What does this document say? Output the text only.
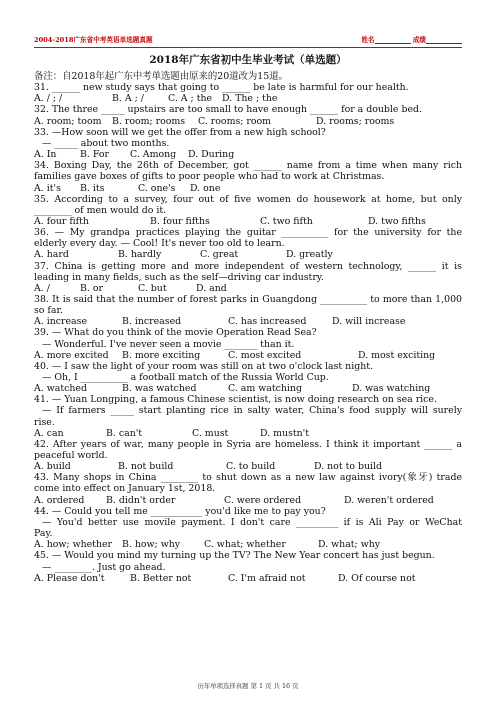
2004-2018广东省中考英语单选题真题	姓名	成绩
2018年广东省初中生毕业考试（单选题）
备注：自2018年起广东中考单选题由原来的20道改为15道。
31. ______ new study says that going to ______ be late is harmful for our health.
A. / ; /	B. A ; /	C. A ; the D. The ; the
32. The three _____ upstairs are too small to have enough ______ for a double bed.
A. room; toom B. room; rooms C. rooms; room	D. rooms; rooms
33. —How soon will we get the offer from a new high school?
— _____ about two months.
A. In	B. For C. Among D. During
34. Boxing Day, the 26th of December, got ______ name from a time when many rich
families gave boxes of gifts to poor people who had to work at Christmas.
A. it's B. its	C. one's D. one
35. According to a survey, four out of five women do housework at home, but only
________ of men would do it.
A. four fifth	B. four fifths	C. two fifth	D. two fifths
36. — My grandpa practices playing the guitar __________ for the university for the
elderly every day. — Cool! It's never too old to learn.
A. hard	B. hardly	C. great	D. greatly
37. China is getting more and more independent of western technology, ______ it is
leading in many fields, such as the self—driving car industry.
A. /	B. or	C. but	D. and
38. It is said that the number of forest parks in Guangdong __________ to more than 1,000
so far.
A. increase	B. increased	C. has increased	D. will increase
39. — What do you think of the movie Operation Read Sea?
— Wonderful. I've never seen a movie _______ than it.
A. more excited B. more exciting	C. most excited	D. most exciting
40. — I saw the light of your room was still on at two o'clock last night.
— Oh, I __________ a football match of the Russia World Cup.
A. watched	B. was watched	C. am watching	D. was watching
41. — Yuan Longping, a famous Chinese scientist, is now doing research on sea rice.
— If farmers _____ start planting rice in salty water, China's food supply will surely
rise.
A. can	B. can't	C. must	D. mustn't
42. After years of war, many people in Syria are homeless. I think it important ______ a
peaceful world.
A. build	B. not build	C. to build	D. not to build
43. Many shops in China ________ to shut down as a new law against ivory(象牙) trade
come into effect on January 1st, 2018.
A. ordered B. didn't order	C. were ordered	D. weren't ordered
44. — Could you tell me ___________ you'd like me to pay you?
— You'd better use movile payment. I don't care _________ if is Ali Pay or WeChat
Pay.
A. how; whether B. how; why	C. what; whether	D. what; why
45. — Would you mind my turning up the TV? The New Year concert has just begun.
— ________. Just go ahead.
A. Please don't	B. Better not	C. I'm afraid not	D. Of course not
历年单项选择真题 第 1 页 共 16 页
